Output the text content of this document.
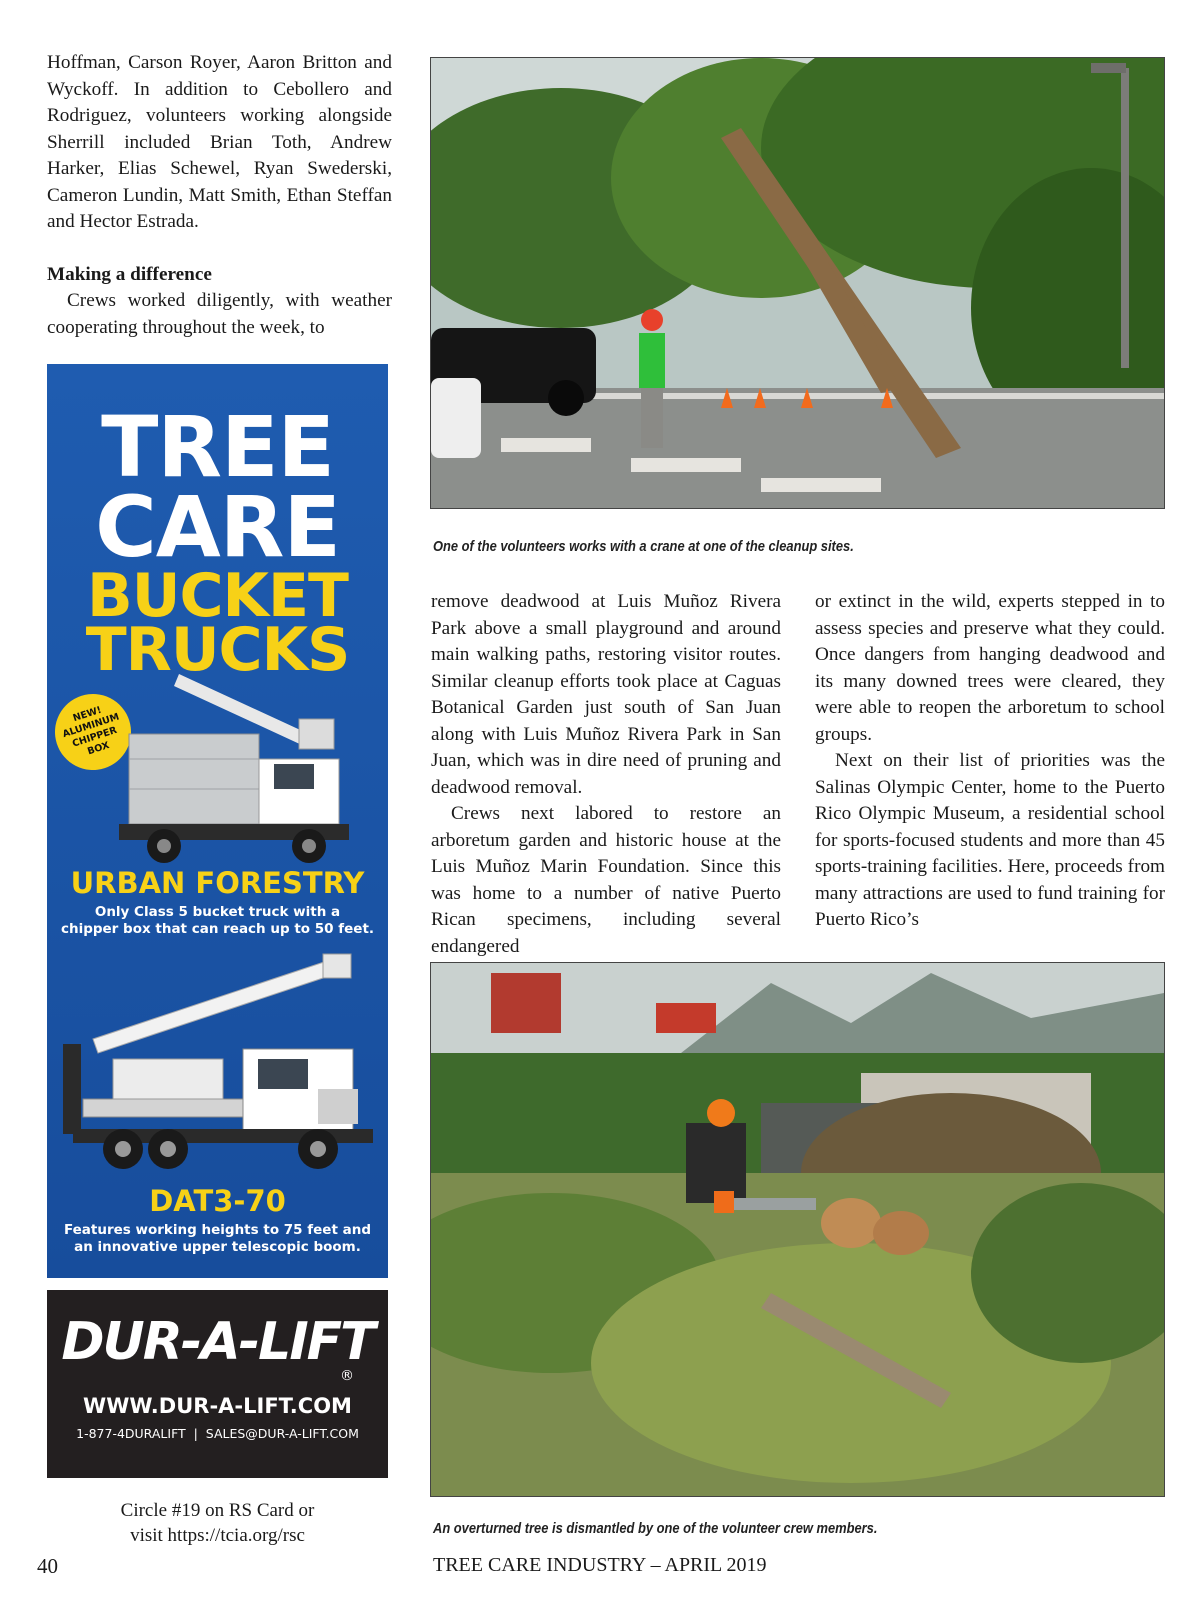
Hoffman, Carson Royer, Aaron Britton and Wyckoff. In addition to Cebollero and Rodriguez, volunteers working alongside Sherrill included Brian Toth, Andrew Harker, Elias Schewel, Ryan Swederski, Cameron Lundin, Matt Smith, Ethan Steffan and Hector Estrada.

Making a difference

Crews worked diligently, with weather cooperating throughout the week, to

One of the volunteers works with a crane at one of the cleanup sites.

remove deadwood at Luis Muñoz Rivera Park above a small playground and around main walking paths, restoring visitor routes. Similar cleanup efforts took place at Caguas Botanical Garden just south of San Juan along with Luis Muñoz Rivera Park in San Juan, which was in dire need of pruning and deadwood removal.

Crews next labored to restore an arboretum garden and historic house at the Luis Muñoz Marin Foundation. Since this was home to a number of native Puerto Rican specimens, including several endangered

or extinct in the wild, experts stepped in to assess species and preserve what they could. Once dangers from hanging deadwood and its many downed trees were cleared, they were able to reopen the arboretum to school groups.

Next on their list of priorities was the Salinas Olympic Center, home to the Puerto Rico Olympic Museum, a residential school for sports-focused students and more than 45 sports-training facilities. Here, proceeds from many attractions are used to fund training for Puerto Rico’s

An overturned tree is dismantled by one of the volunteer crew members.
TREE
CARE
BUCKET
TRUCKS
NEW! ALUMINUM CHIPPER BOX
URBAN FORESTRY
Only Class 5 bucket truck with a
chipper box that can reach up to 50 feet.
DAT3-70
Features working heights to 75 feet and
an innovative upper telescopic boom.
DUR-A-LIFT
®
WWW.DUR-A-LIFT.COM
1-877-4DURALIFT  |  SALES@DUR-A-LIFT.COM
Circle #19 on RS Card or
visit https://tcia.org/rsc
40	TREE CARE INDUSTRY – APRIL 2019
